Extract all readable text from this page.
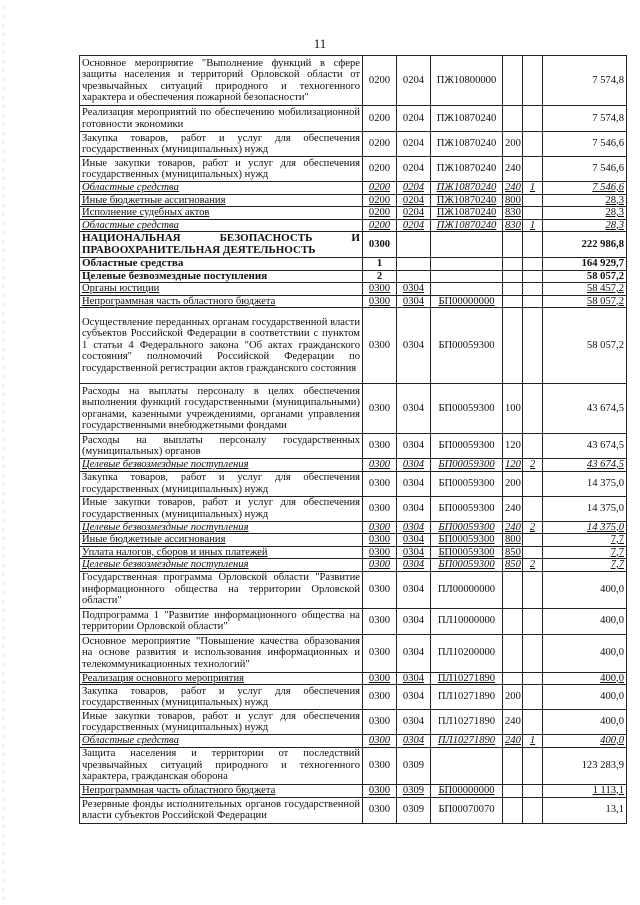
11
Основное мероприятие "Выполнение функций в сфере защиты населения и территорий Орловской области от чрезвычайных ситуаций природного и техногенного характера и обеспечения пожарной безопасности"	0200	0204	ПЖ10800000			7 574,8
Реализация мероприятий по обеспечению мобилизационной готовности экономики	0200	0204	ПЖ10870240			7 574,8
Закупка товаров, работ и услуг для обеспечения государственных (муниципальных) нужд	0200	0204	ПЖ10870240	200		7 546,6
Иные закупки товаров, работ и услуг для обеспечения государственных (муниципальных) нужд	0200	0204	ПЖ10870240	240		7 546,6
Областные средства	0200	0204	ПЖ10870240	240	1	7 546,6
Иные бюджетные ассигнования	0200	0204	ПЖ10870240	800		28,3
Исполнение судебных актов	0200	0204	ПЖ10870240	830		28,3
Областные средства	0200	0204	ПЖ10870240	830	1	28,3
НАЦИОНАЛЬНАЯ БЕЗОПАСНОСТЬ И ПРАВООХРАНИТЕЛЬНАЯ ДЕЯТЕЛЬНОСТЬ	0300					222 986,8
Областные средства	1					164 929,7
Целевые безвозмездные поступления	2					58 057,2
Органы юстиции	0300	0304				58 457,2
Непрограммная часть областного бюджета	0300	0304	БП00000000			58 057,2
Осуществление переданных органам государственной власти субъектов Российской Федерации в соответствии с пунктом 1 статьи 4 Федерального закона "Об актах гражданского состояния" полномочий Российской Федерации по государственной регистрации актов гражданского состояния	0300	0304	БП00059300			58 057,2
Расходы на выплаты персоналу в целях обеспечения выполнения функций государственными (муниципальными) органами, казенными учреждениями, органами управления государственными внебюджетными фондами	0300	0304	БП00059300	100		43 674,5
Расходы на выплаты персоналу государственных (муниципальных) органов	0300	0304	БП00059300	120		43 674,5
Целевые безвозмездные поступления	0300	0304	БП00059300	120	2	43 674,5
Закупка товаров, работ и услуг для обеспечения государственных (муниципальных) нужд	0300	0304	БП00059300	200		14 375,0
Иные закупки товаров, работ и услуг для обеспечения государственных (муниципальных) нужд	0300	0304	БП00059300	240		14 375,0
Целевые безвозмездные поступления	0300	0304	БП00059300	240	2	14 375,0
Иные бюджетные ассигнования	0300	0304	БП00059300	800		7,7
Уплата налогов, сборов и иных платежей	0300	0304	БП00059300	850		7,7
Целевые безвозмездные поступления	0300	0304	БП00059300	850	2	7,7
Государственная программа Орловской области "Развитие информационного общества на территории Орловской области"	0300	0304	ПЛ00000000			400,0
Подпрограмма 1 "Развитие информационного общества на территории Орловской области"	0300	0304	ПЛ10000000			400,0
Основное мероприятие "Повышение качества образования на основе развития и использования информационных и телекоммуникационных технологий"	0300	0304	ПЛ10200000			400,0
Реализация основного мероприятия	0300	0304	ПЛ10271890			400,0
Закупка товаров, работ и услуг для обеспечения государственных (муниципальных) нужд	0300	0304	ПЛ10271890	200		400,0
Иные закупки товаров, работ и услуг для обеспечения государственных (муниципальных) нужд	0300	0304	ПЛ10271890	240		400,0
Областные средства	0300	0304	ПЛ10271890	240	1	400,0
Защита населения и территории от последствий чрезвычайных ситуаций природного и техногенного характера, гражданская оборона	0300	0309				123 283,9
Непрограммная часть областного бюджета	0300	0309	БП00000000			1 113,1
Резервные фонды исполнительных органов государственной власти субъектов Российской Федерации	0300	0309	БП00070070			13,1
